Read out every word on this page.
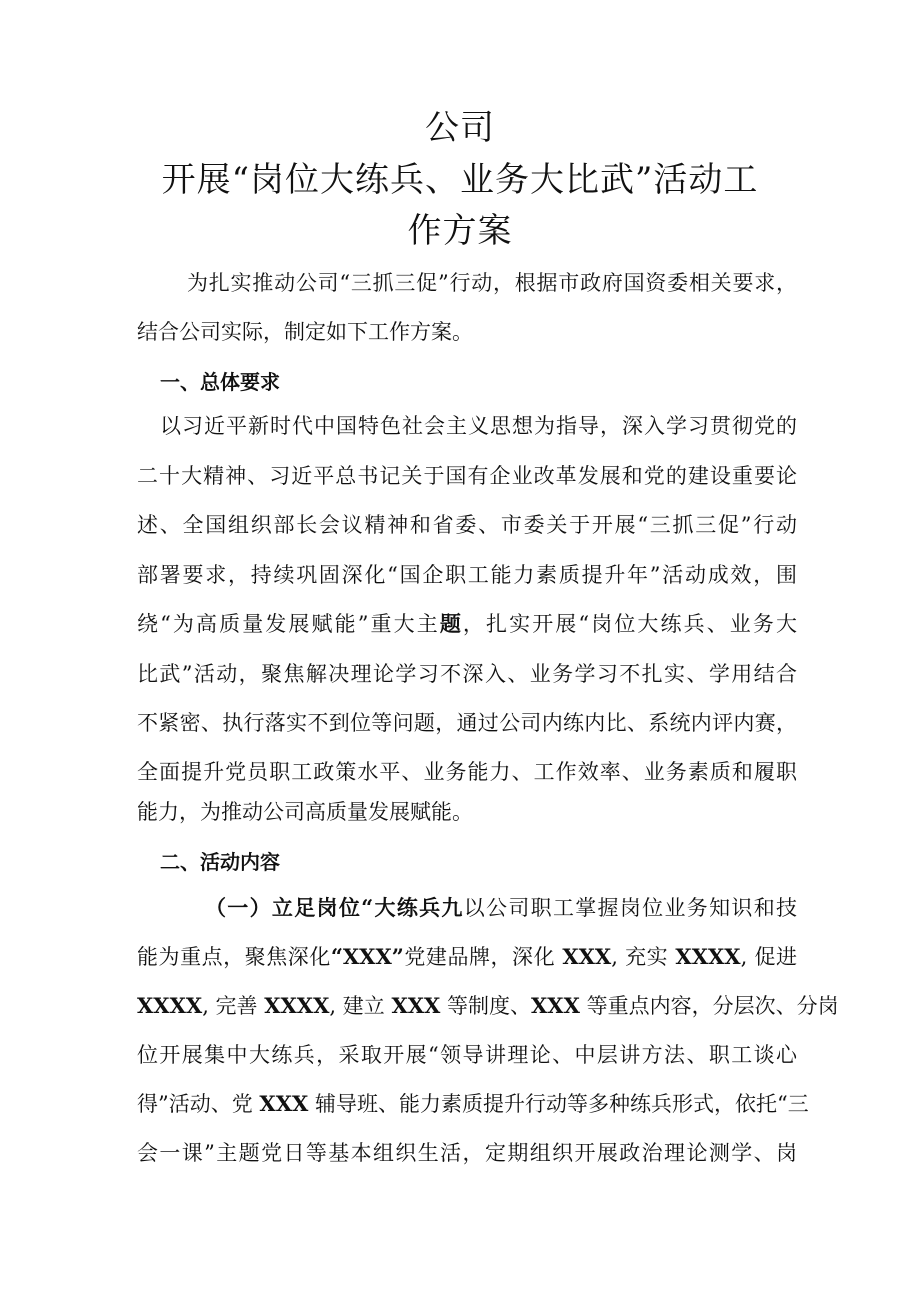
公司
开展“岗位大练兵、业务大比武”活动工
作方案

为扎实推动公司“三抓三促”行动，根据市政府国资委相关要求，

结合公司实际，制定如下工作方案。

一、总体要求

以习近平新时代中国特色社会主义思想为指导，深入学习贯彻党的

二十大精神、习近平总书记关于国有企业改革发展和党的建设重要论

述、全国组织部长会议精神和省委、市委关于开展“三抓三促”行动

部署要求，持续巩固深化“国企职工能力素质提升年”活动成效，围

绕“为高质量发展赋能”重大主题，扎实开展“岗位大练兵、业务大

比武”活动，聚焦解决理论学习不深入、业务学习不扎实、学用结合

不紧密、执行落实不到位等问题，通过公司内练内比、系统内评内赛，

全面提升党员职工政策水平、业务能力、工作效率、业务素质和履职

能力，为推动公司高质量发展赋能。

二、活动内容

（一）立足岗位“大练兵九以公司职工掌握岗位业务知识和技

能为重点，聚焦深化“XXX”党建品牌，深化 XXX, 充实 XXXX, 促进

XXXX, 完善 XXXX, 建立 XXX 等制度、XXX 等重点内容，分层次、分岗

位开展集中大练兵，采取开展“领导讲理论、中层讲方法、职工谈心

得”活动、党 XXX 辅导班、能力素质提升行动等多种练兵形式，依托“三

会一课”主题党日等基本组织生活，定期组织开展政治理论测学、岗
